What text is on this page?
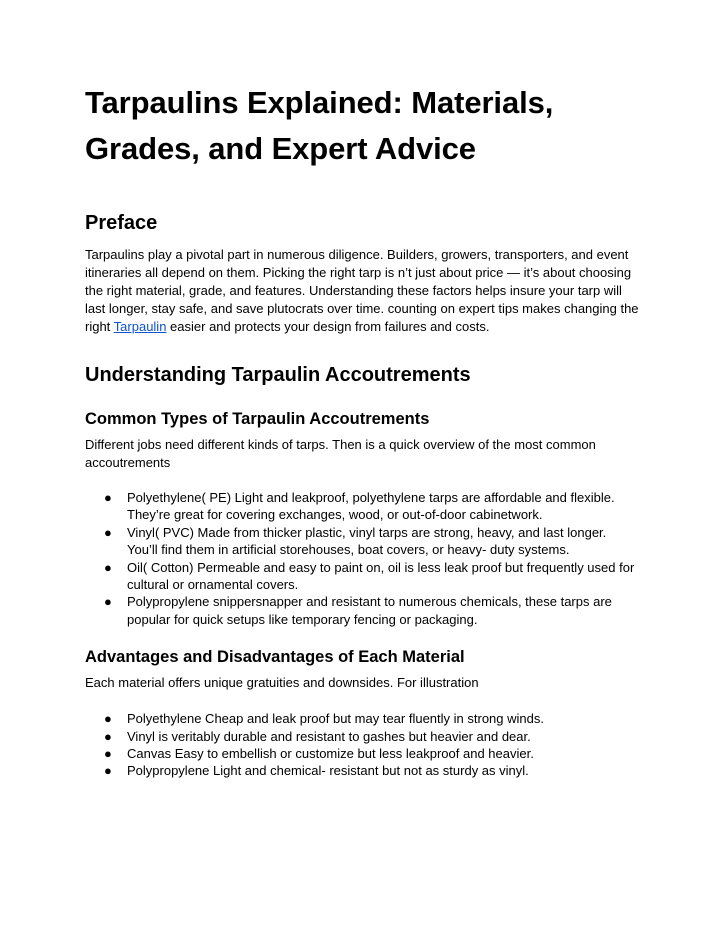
Tarpaulins Explained: Materials, Grades, and Expert Advice
Preface

Tarpaulins play a pivotal part in numerous diligence. Builders, growers, transporters, and event itineraries all depend on them. Picking the right tarp is n’t just about price — it’s about choosing the right material, grade, and features. Understanding these factors helps insure your tarp will last longer, stay safe, and save plutocrats over time. counting on expert tips makes changing the right Tarpaulin easier and protects your design from failures and costs.

Understanding Tarpaulin Accoutrements
Common Types of Tarpaulin Accoutrements

Different jobs need different kinds of tarps. Then is a quick overview of the most common accoutrements

● Polyethylene( PE) Light and leakproof, polyethylene tarps are affordable and flexible. They’re great for covering exchanges, wood, or out-of-door cabinetwork.
● Vinyl( PVC) Made from thicker plastic, vinyl tarps are strong, heavy, and last longer. You’ll find them in artificial storehouses, boat covers, or heavy- duty systems.
● Oil( Cotton) Permeable and easy to paint on, oil is less leak proof but frequently used for cultural or ornamental covers.
● Polypropylene snippersnapper and resistant to numerous chemicals, these tarps are popular for quick setups like temporary fencing or packaging.
Advantages and Disadvantages of Each Material

Each material offers unique gratuities and downsides. For illustration

● Polyethylene Cheap and leak proof but may tear fluently in strong winds.
● Vinyl is veritably durable and resistant to gashes but heavier and dear.
● Canvas Easy to embellish or customize but less leakproof and heavier.
● Polypropylene Light and chemical- resistant but not as sturdy as vinyl.
